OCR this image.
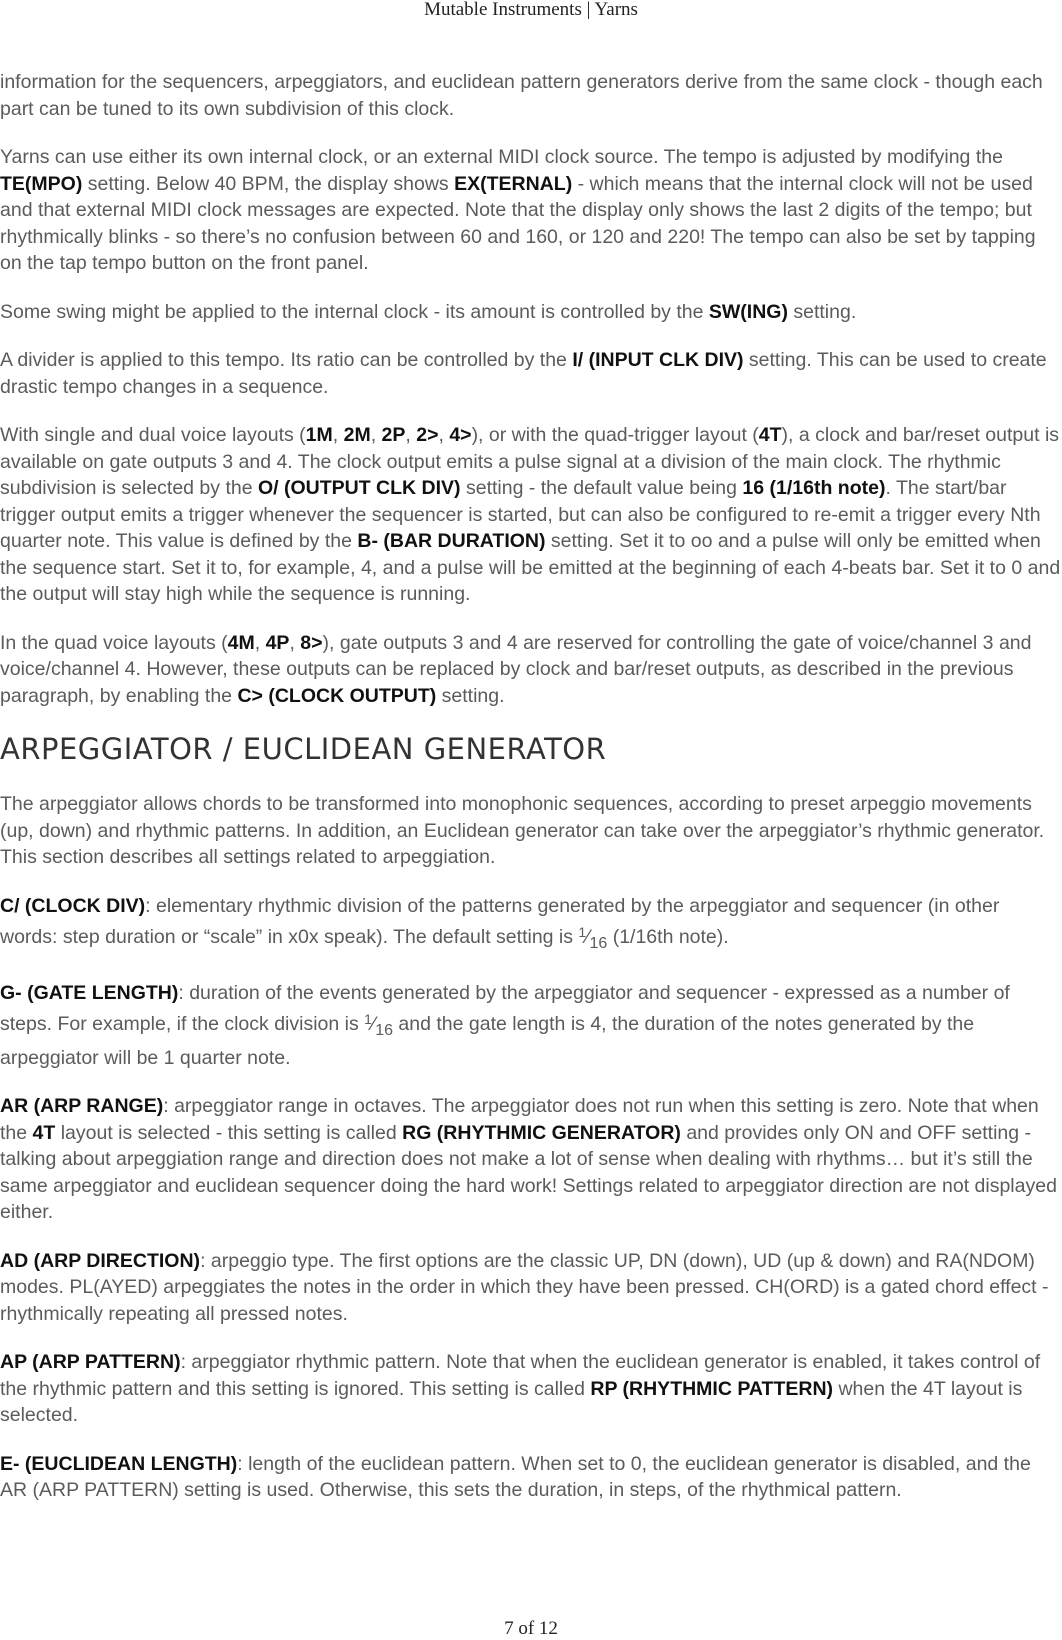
Mutable Instruments | Yarns

information for the sequencers, arpeggiators, and euclidean pattern generators derive from the same clock - though each part can be tuned to its own subdivision of this clock.

Yarns can use either its own internal clock, or an external MIDI clock source. The tempo is adjusted by modifying the TE(MPO) setting. Below 40 BPM, the display shows EX(TERNAL) - which means that the internal clock will not be used and that external MIDI clock messages are expected. Note that the display only shows the last 2 digits of the tempo; but rhythmically blinks - so there’s no confusion between 60 and 160, or 120 and 220! The tempo can also be set by tapping on the tap tempo button on the front panel.

Some swing might be applied to the internal clock - its amount is controlled by the SW(ING) setting.

A divider is applied to this tempo. Its ratio can be controlled by the I/ (INPUT CLK DIV) setting. This can be used to create drastic tempo changes in a sequence.

With single and dual voice layouts (1M, 2M, 2P, 2>, 4>), or with the quad-trigger layout (4T), a clock and bar/reset output is available on gate outputs 3 and 4. The clock output emits a pulse signal at a division of the main clock. The rhythmic subdivision is selected by the O/ (OUTPUT CLK DIV) setting - the default value being 16 (1/16th note). The start/bar trigger output emits a trigger whenever the sequencer is started, but can also be configured to re-emit a trigger every Nth quarter note. This value is defined by the B- (BAR DURATION) setting. Set it to oo and a pulse will only be emitted when the sequence start. Set it to, for example, 4, and a pulse will be emitted at the beginning of each 4-beats bar. Set it to 0 and the output will stay high while the sequence is running.

In the quad voice layouts (4M, 4P, 8>), gate outputs 3 and 4 are reserved for controlling the gate of voice/channel 3 and voice/channel 4. However, these outputs can be replaced by clock and bar/reset outputs, as described in the previous paragraph, by enabling the C> (CLOCK OUTPUT) setting.

ARPEGGIATOR / EUCLIDEAN GENERATOR

The arpeggiator allows chords to be transformed into monophonic sequences, according to preset arpeggio movements (up, down) and rhythmic patterns. In addition, an Euclidean generator can take over the arpeggiator’s rhythmic generator. This section describes all settings related to arpeggiation.

C/ (CLOCK DIV): elementary rhythmic division of the patterns generated by the arpeggiator and sequencer (in other words: step duration or “scale” in x0x speak). The default setting is $^1⁄_{16}$ (1/16th note).

G- (GATE LENGTH): duration of the events generated by the arpeggiator and sequencer - expressed as a number of steps. For example, if the clock division is $^1⁄_{16}$ and the gate length is 4, the duration of the notes generated by the arpeggiator will be 1 quarter note.

AR (ARP RANGE): arpeggiator range in octaves. The arpeggiator does not run when this setting is zero. Note that when the 4T layout is selected - this setting is called RG (RHYTHMIC GENERATOR) and provides only ON and OFF setting - talking about arpeggiation range and direction does not make a lot of sense when dealing with rhythms… but it’s still the same arpeggiator and euclidean sequencer doing the hard work! Settings related to arpeggiator direction are not displayed either.

AD (ARP DIRECTION): arpeggio type. The first options are the classic UP, DN (down), UD (up & down) and RA(NDOM) modes. PL(AYED) arpeggiates the notes in the order in which they have been pressed. CH(ORD) is a gated chord effect - rhythmically repeating all pressed notes.

AP (ARP PATTERN): arpeggiator rhythmic pattern. Note that when the euclidean generator is enabled, it takes control of the rhythmic pattern and this setting is ignored. This setting is called RP (RHYTHMIC PATTERN) when the 4T layout is selected.

E- (EUCLIDEAN LENGTH): length of the euclidean pattern. When set to 0, the euclidean generator is disabled, and the AR (ARP PATTERN) setting is used. Otherwise, this sets the duration, in steps, of the rhythmical pattern.

7 of 12
